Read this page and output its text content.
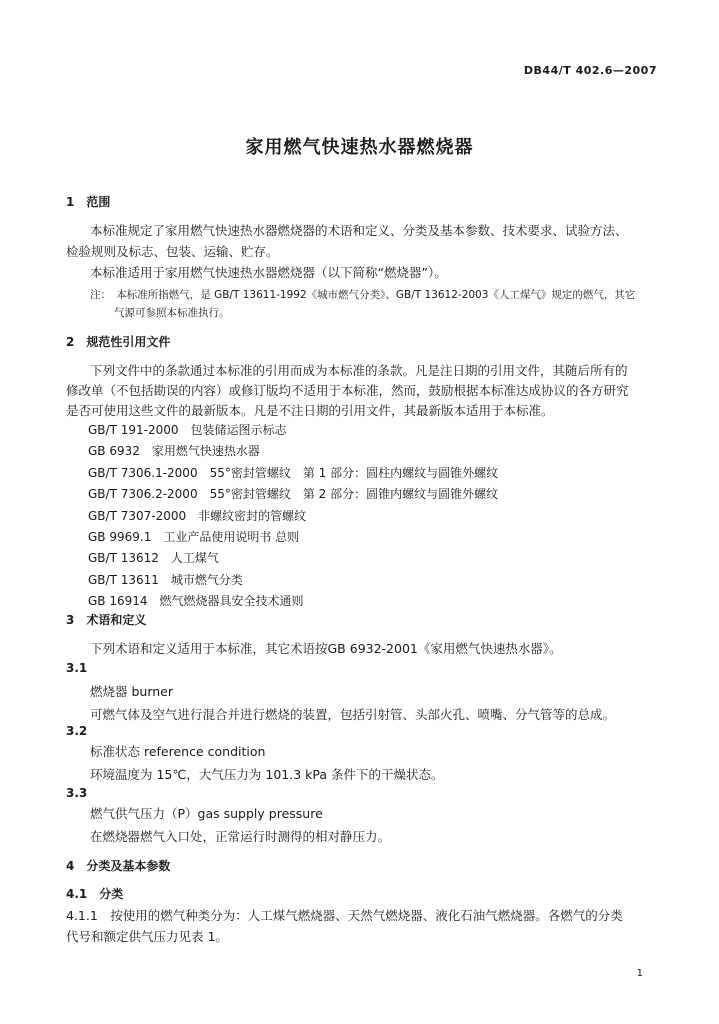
DB44/T 402.6—2007
家用燃气快速热水器燃烧器
1　范围
本标准规定了家用燃气快速热水器燃烧器的术语和定义、分类及基本参数、技术要求、试验方法、
检验规则及标志、包装、运输、贮存。
本标准适用于家用燃气快速热水器燃烧器（以下简称“燃烧器”）。
注：　本标准所指燃气，是 GB/T 13611-1992《城市燃气分类》、GB/T 13612-2003《人工煤气》规定的燃气，其它
气源可参照本标准执行。
2　规范性引用文件
下列文件中的条款通过本标准的引用而成为本标准的条款。凡是注日期的引用文件，其随后所有的
修改单（不包括勘误的内容）或修订版均不适用于本标准，然而，鼓励根据本标准达成协议的各方研究
是否可使用这些文件的最新版本。凡是不注日期的引用文件，其最新版本适用于本标准。
GB/T 191-2000　包装储运图示标志
GB 6932　家用燃气快速热水器
GB/T 7306.1-2000　55°密封管螺纹　第 1 部分：圆柱内螺纹与圆锥外螺纹
GB/T 7306.2-2000　55°密封管螺纹　第 2 部分：圆锥内螺纹与圆锥外螺纹
GB/T 7307-2000　非螺纹密封的管螺纹
GB 9969.1　工业产品使用说明书 总则
GB/T 13612　人工煤气
GB/T 13611　城市燃气分类
GB 16914　燃气燃烧器具安全技术通则
3　术语和定义
下列术语和定义适用于本标准，其它术语按GB 6932-2001《家用燃气快速热水器》。
3.1
燃烧器 burner
可燃气体及空气进行混合并进行燃烧的装置，包括引射管、头部火孔、喷嘴、分气管等的总成。
3.2
标准状态 reference condition
环境温度为 15℃，大气压力为 101.3 kPa 条件下的干燥状态。
3.3
燃气供气压力（P）gas supply pressure
在燃烧器燃气入口处，正常运行时测得的相对静压力。
4　分类及基本参数
4.1　分类
4.1.1　按使用的燃气种类分为：人工煤气燃烧器、天然气燃烧器、液化石油气燃烧器。各燃气的分类
代号和额定供气压力见表 1。
1
